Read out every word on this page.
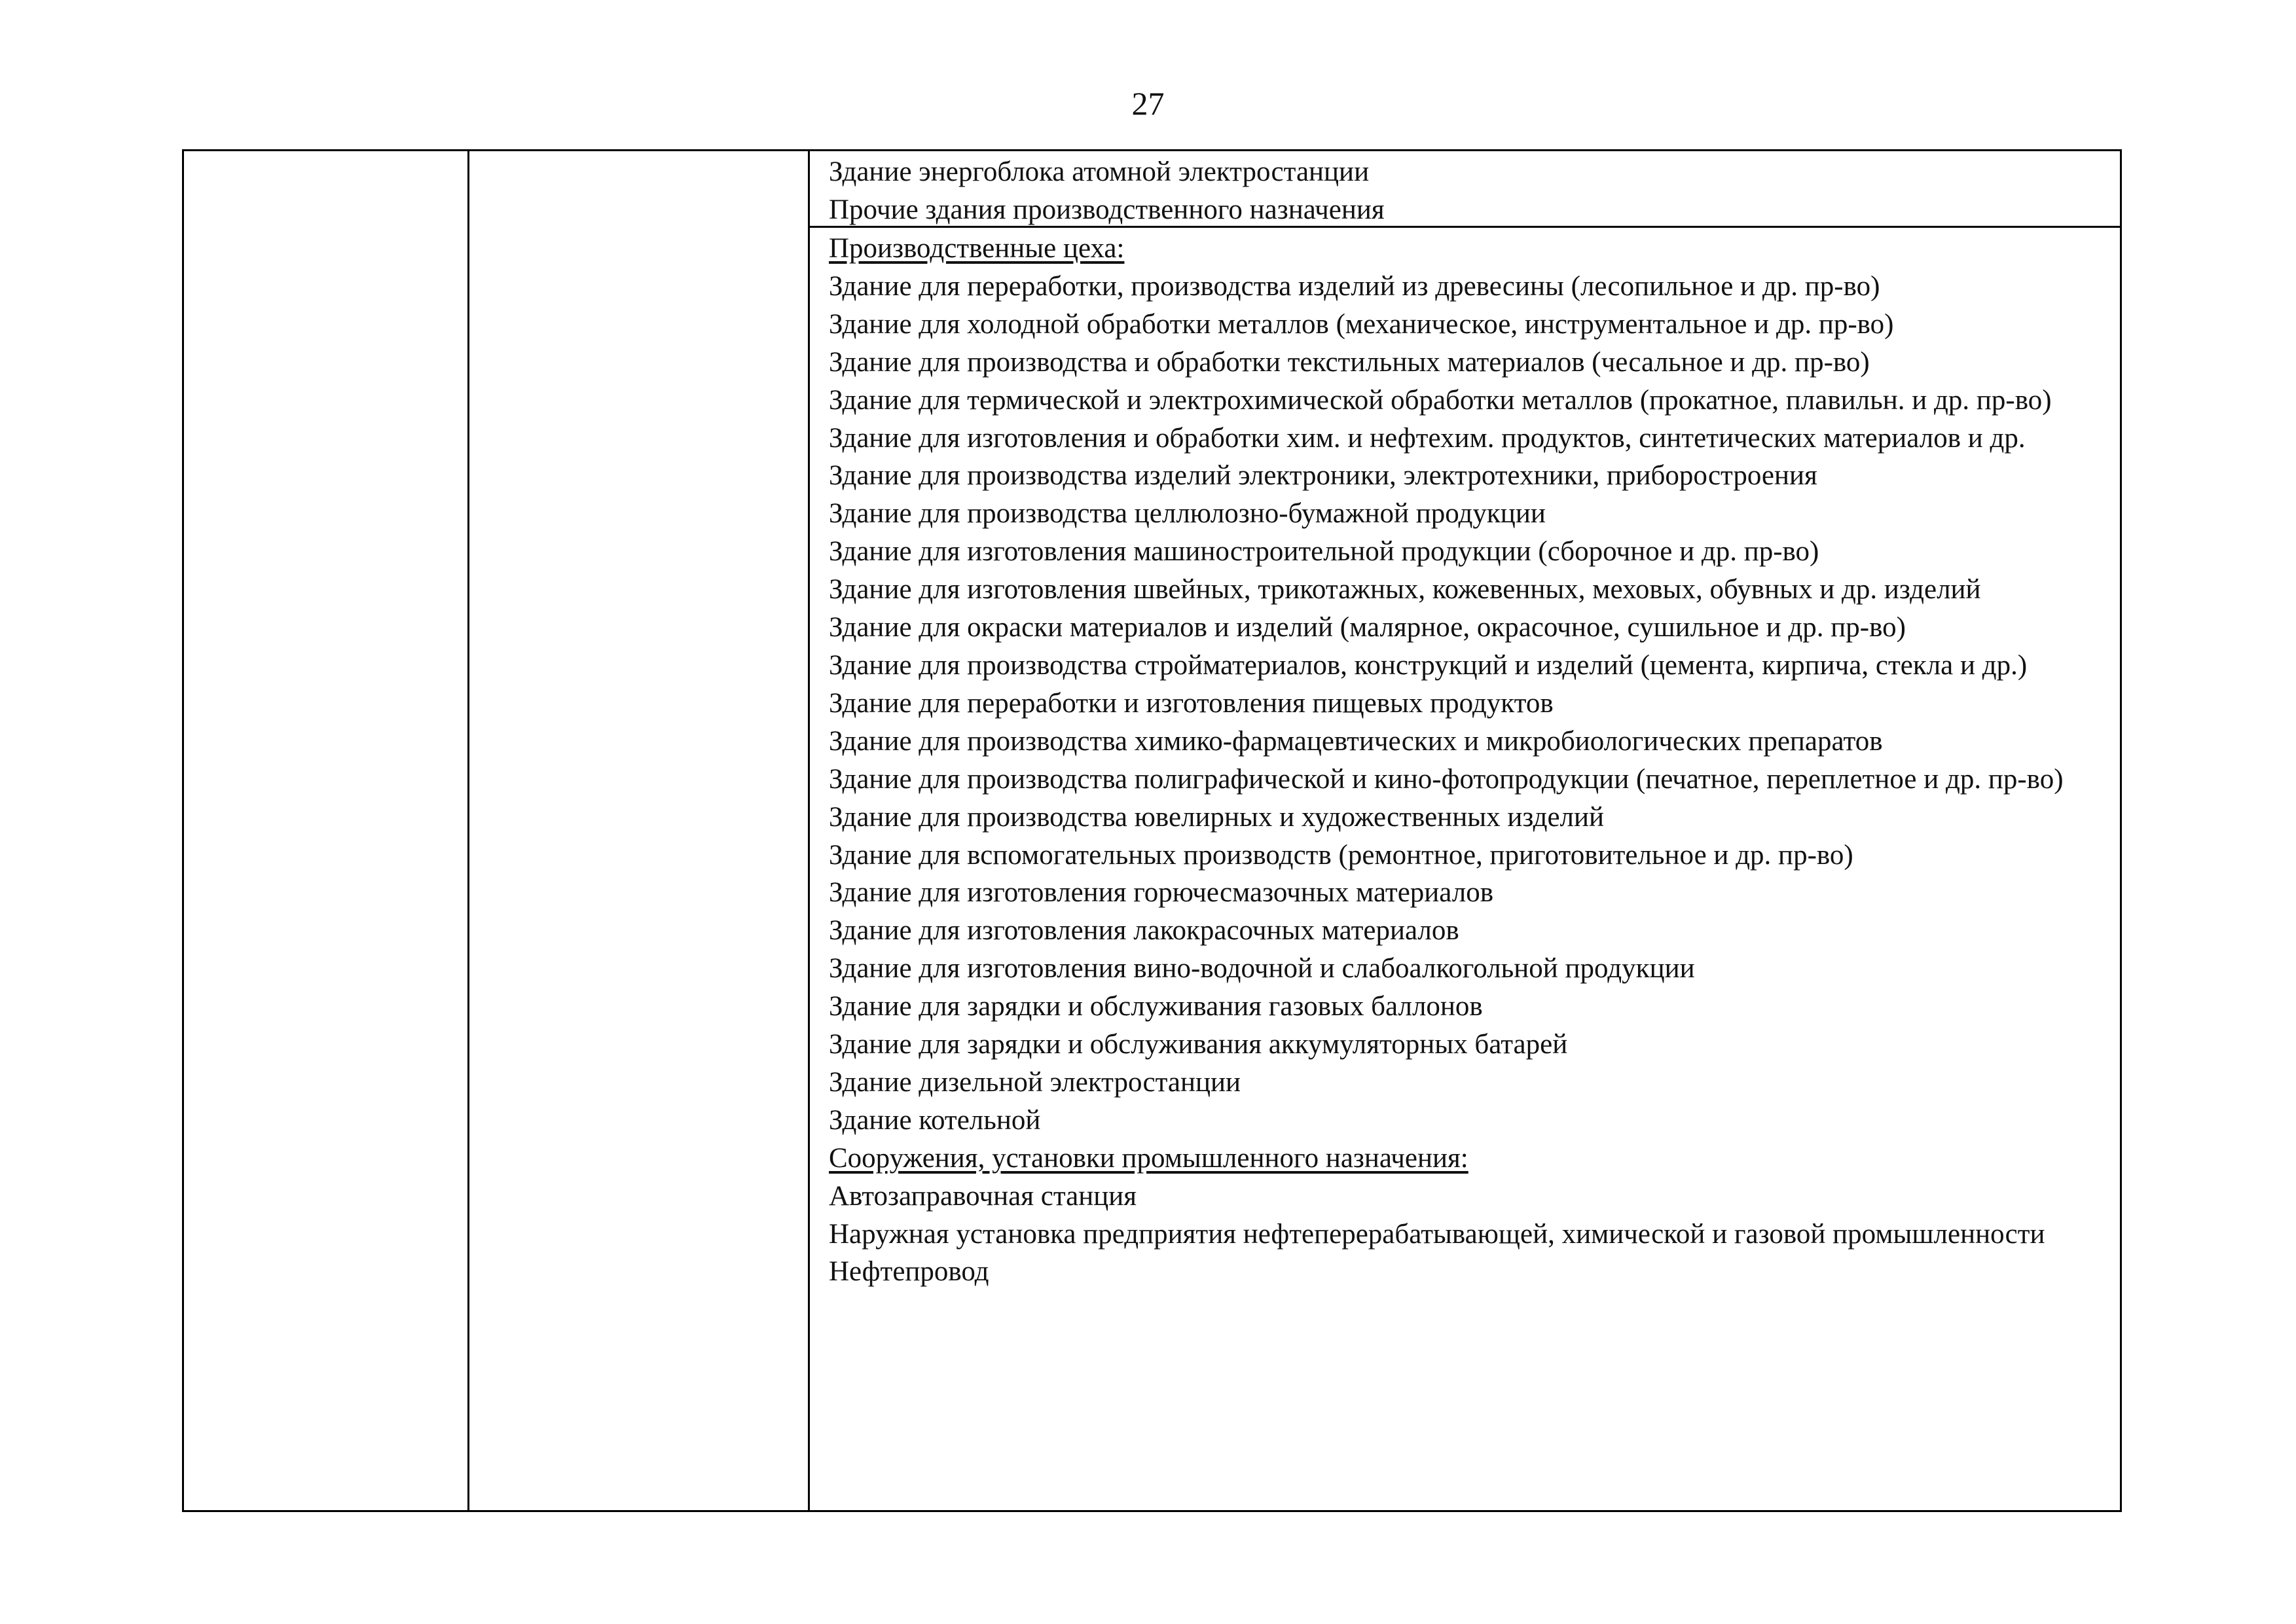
27
Здание энергоблока атомной электростанции
Прочие здания производственного назначения
Производственные цеха:
Здание для переработки, производства изделий из древесины (лесопильное и др. пр-во)
Здание для холодной обработки металлов (механическое, инструментальное и др. пр-во)
Здание для производства и обработки текстильных материалов (чесальное и др. пр-во)
Здание для термической и электрохимической обработки металлов (прокатное, плавильн. и др. пр-во)
Здание для изготовления и обработки хим. и нефтехим. продуктов, синтетических материалов и др.
Здание для производства изделий электроники, электротехники, приборостроения
Здание для производства целлюлозно-бумажной продукции
Здание для изготовления машиностроительной продукции (сборочное и др. пр-во)
Здание для изготовления швейных, трикотажных, кожевенных, меховых, обувных и др. изделий
Здание для окраски материалов и изделий (малярное, окрасочное, сушильное и др. пр-во)
Здание для производства стройматериалов, конструкций и изделий (цемента, кирпича, стекла и др.)
Здание для перерaботки и изготовления пищевых продуктов
Здание для производства химико-фармацевтических и микробиологических препаратов
Здание для производства полиграфической и кино-фотопродукции (печатное, переплетное и др. пр-во)
Здание для производства ювелирных и художественных изделий
Здание для вспомогательных производств (ремонтное, приготовительное и др. пр-во)
Здание для изготовления горючесмазочных материалов
Здание для изготовления лакокрасочных материалов
Здание для изготовления вино-водочной и слабоалкогольной продукции
Здание для зарядки и обслуживания газовых баллонов
Здание для зарядки и обслуживания аккумуляторных батарей
Здание дизельной электростанции
Здание котельной
Сооружения, установки промышленного назначения:
Автозаправочная станция
Наружная установка предприятия нефтеперерабатывающей, химической и газовой промышленности
Нефтепровод
